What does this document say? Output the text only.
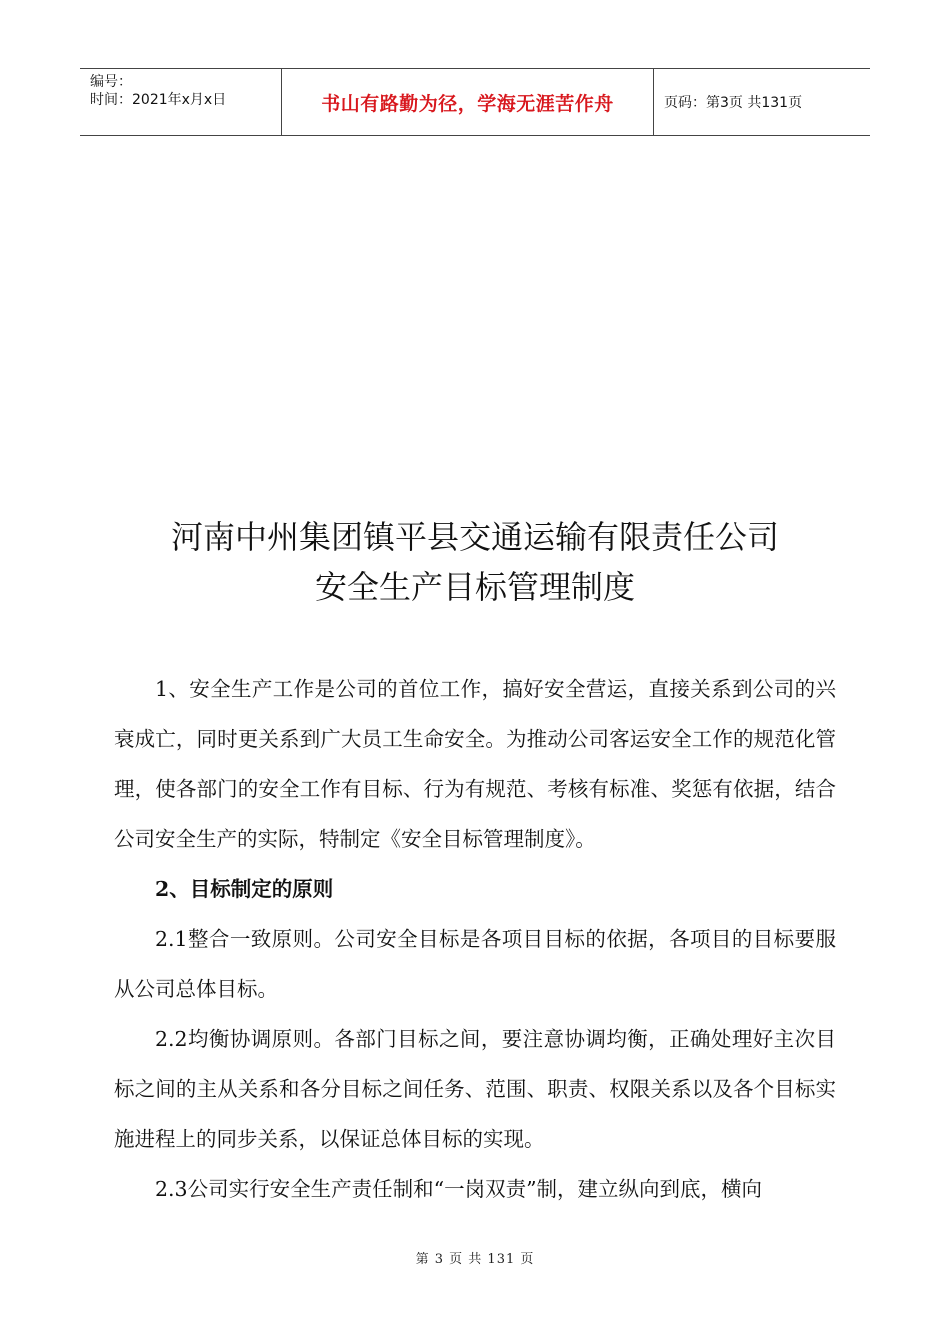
编号：
时间：2021年x月x日	书山有路勤为径，学海无涯苦作舟	页码：第3页 共131页
河南中州集团镇平县交通运输有限责任公司
安全生产目标管理制度

1、安全生产工作是公司的首位工作，搞好安全营运，直接关系到公司的兴衰成亡，同时更关系到广大员工生命安全。为推动公司客运安全工作的规范化管理，使各部门的安全工作有目标、行为有规范、考核有标准、奖惩有依据，结合公司安全生产的实际，特制定《安全目标管理制度》。

2、目标制定的原则

2.1整合一致原则。公司安全目标是各项目目标的依据，各项目的目标要服从公司总体目标。

2.2均衡协调原则。各部门目标之间，要注意协调均衡，正确处理好主次目标之间的主从关系和各分目标之间任务、范围、职责、权限关系以及各个目标实施进程上的同步关系，以保证总体目标的实现。

2.3公司实行安全生产责任制和“一岗双责”制，建立纵向到底，横向

第 3 页 共 131 页
